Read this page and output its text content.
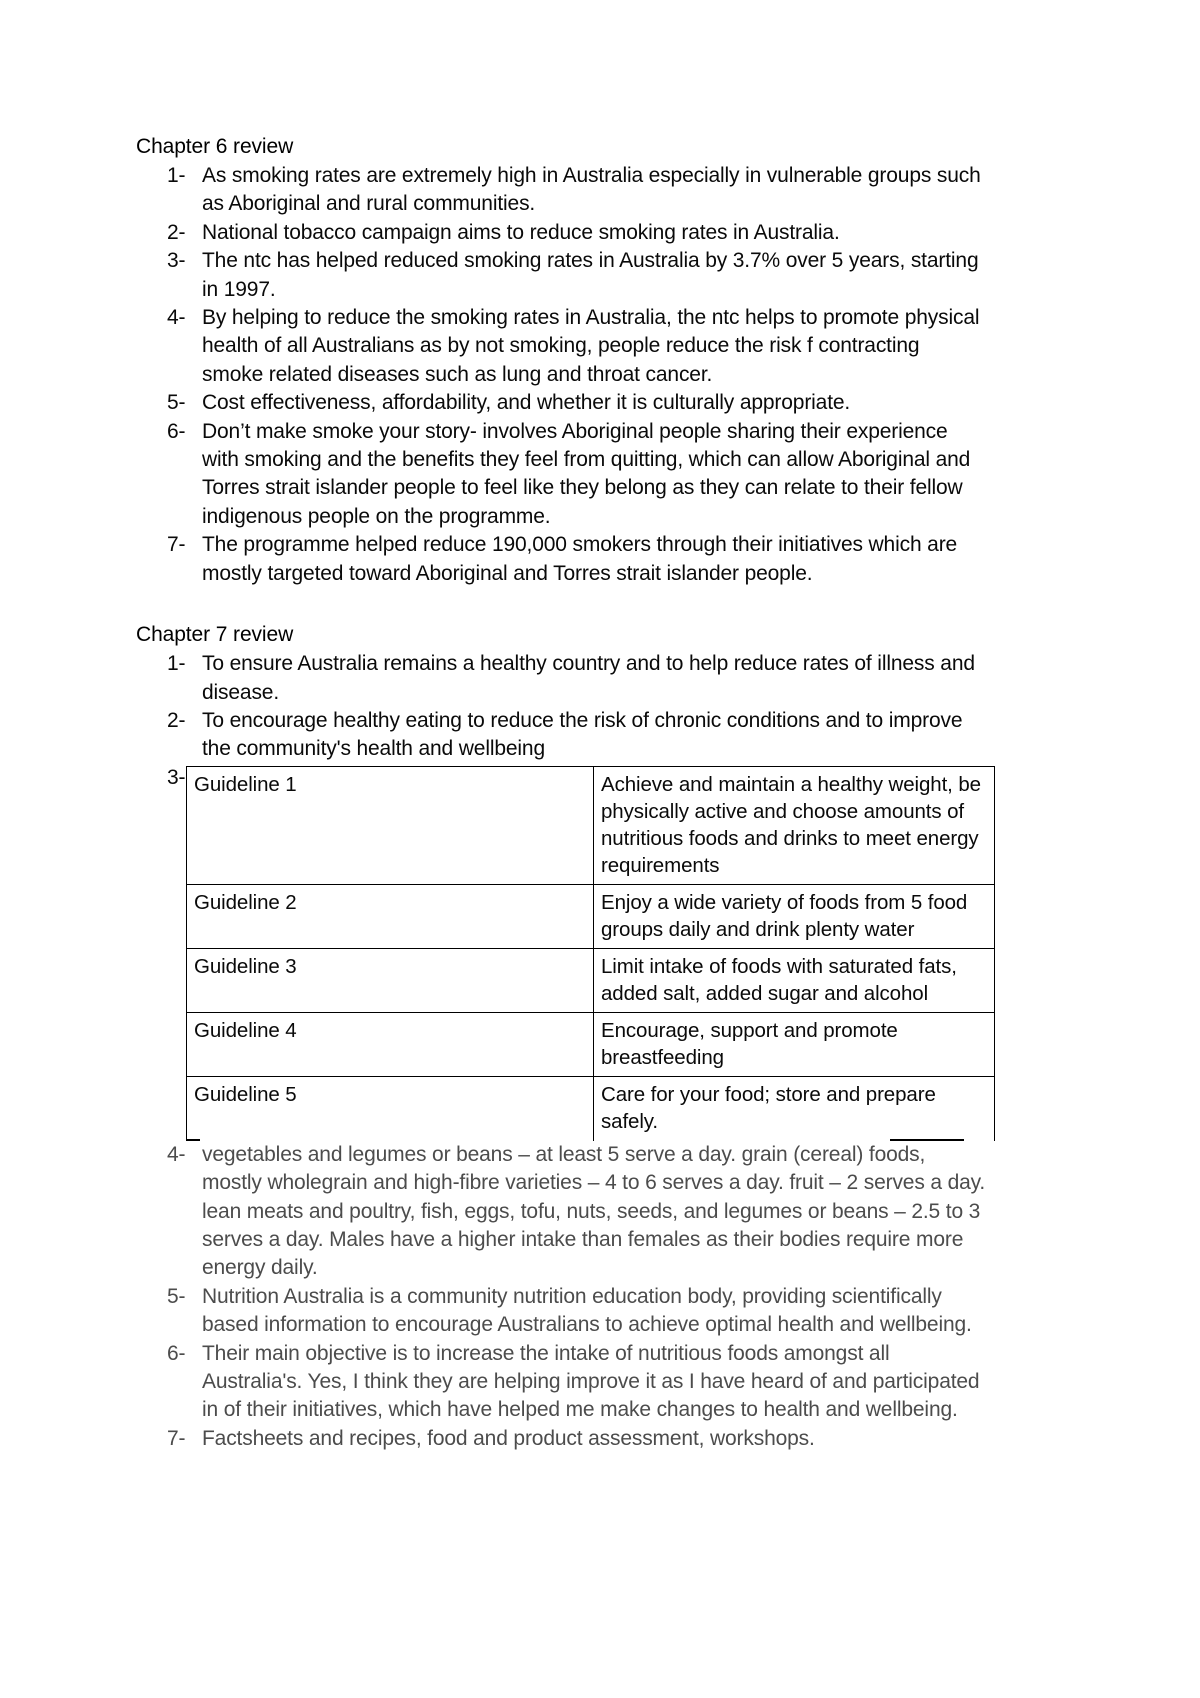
Chapter 6 review
1- As smoking rates are extremely high in Australia especially in vulnerable groups such as Aboriginal and rural communities.
2- National tobacco campaign aims to reduce smoking rates in Australia.
3- The ntc has helped reduced smoking rates in Australia by 3.7% over 5 years, starting in 1997.
4- By helping to reduce the smoking rates in Australia, the ntc helps to promote physical health of all Australians as by not smoking, people reduce the risk f contracting smoke related diseases such as lung and throat cancer.
5- Cost effectiveness, affordability, and whether it is culturally appropriate.
6- Don’t make smoke your story- involves Aboriginal people sharing their experience with smoking and the benefits they feel from quitting, which can allow Aboriginal and Torres strait islander people to feel like they belong as they can relate to their fellow indigenous people on the programme.
7- The programme helped reduce 190,000 smokers through their initiatives which are mostly targeted toward Aboriginal and Torres strait islander people.
Chapter 7 review
1- To ensure Australia remains a healthy country and to help reduce rates of illness and disease.
2- To encourage healthy eating to reduce the risk of chronic conditions and to improve the community's health and wellbeing
3- Guideline 1	Achieve and maintain a healthy weight, be physically active and choose amounts of nutritious foods and drinks to meet energy requirements
Guideline 2	Enjoy a wide variety of foods from 5 food groups daily and drink plenty water
Guideline 3	Limit intake of foods with saturated fats, added salt, added sugar and alcohol
Guideline 4	Encourage, support and promote breastfeeding
Guideline 5	Care for your food; store and prepare safely.
4- vegetables and legumes or beans – at least 5 serve a day. grain (cereal) foods, mostly wholegrain and high-fibre varieties – 4 to 6 serves a day. fruit – 2 serves a day. lean meats and poultry, fish, eggs, tofu, nuts, seeds, and legumes or beans – 2.5 to 3 serves a day. Males have a higher intake than females as their bodies require more energy daily.
5- Nutrition Australia is a community nutrition education body, providing scientifically based information to encourage Australians to achieve optimal health and wellbeing.
6- Their main objective is to increase the intake of nutritious foods amongst all Australia's. Yes, I think they are helping improve it as I have heard of and participated in of their initiatives, which have helped me make changes to health and wellbeing.
7- Factsheets and recipes, food and product assessment, workshops.
